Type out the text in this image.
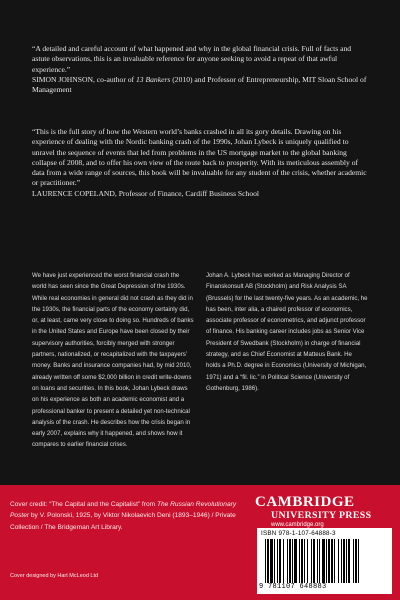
“A detailed and careful account of what happened and why in the global financial crisis. Full of facts and astute observations, this is an invaluable reference for anyone seeking to avoid a repeat of that awful experience.”

SIMON JOHNSON, co-author of 13 Bankers (2010) and Professor of Entrepreneurship, MIT Sloan School of Management

“This is the full story of how the Western world’s banks crashed in all its gory details. Drawing on his experience of dealing with the Nordic banking crash of the 1990s, Johan Lybeck is uniquely qualified to unravel the sequence of events that led from problems in the US mortgage market to the global banking collapse of 2008, and to offer his own view of the route back to prosperity. With its meticulous assembly of data from a wide range of sources, this book will be invaluable for any student of the crisis, whether academic or practitioner.”

LAURENCE COPELAND, Professor of Finance, Cardiff Business School

We have just experienced the worst financial crash the world has seen since the Great Depression of the 1930s. While real economies in general did not crash as they did in the 1930s, the financial parts of the economy certainly did, or, at least, came very close to doing so. Hundreds of banks in the United States and Europe have been closed by their supervisory authorities, forcibly merged with stronger partners, nationalized, or recapitalized with the taxpayers’ money. Banks and insurance companies had, by mid 2010, already written off some $2,000 billion in credit write-downs on loans and securities. In this book, Johan Lybeck draws on his experience as both an academic economist and a professional banker to present a detailed yet non-technical analysis of the crash. He describes how the crisis began in early 2007, explains why it happened, and shows how it compares to earlier financial crises.
Johan A. Lybeck has worked as Managing Director of Finanskonsult AB (Stockholm) and Risk Analysis SA (Brussels) for the last twenty-five years. As an academic, he has been, inter alia, a chaired professor of economics, associate professor of econometrics, and adjunct professor of finance. His banking career includes jobs as Senior Vice President of Swedbank (Stockholm) in charge of financial strategy, and as Chief Economist at Matteus Bank. He holds a Ph.D. degree in Economics (University of Michigan, 1971) and a “fil. lic.” in Political Science (University of Gothenburg, 1986).
Cover credit: “The Capital and the Capitalist” from The Russian Revolutionary Poster by V. Polonski, 1925, by Viktor Nikolaevich Deni (1893–1946) / Private Collection / The Bridgeman Art Library.
Cover designed by Hart McLeod Ltd
CAMBRIDGE
UNIVERSITY PRESS
www.cambridge.org
ISBN 978-1-107-64888-3
9 781107 648883
